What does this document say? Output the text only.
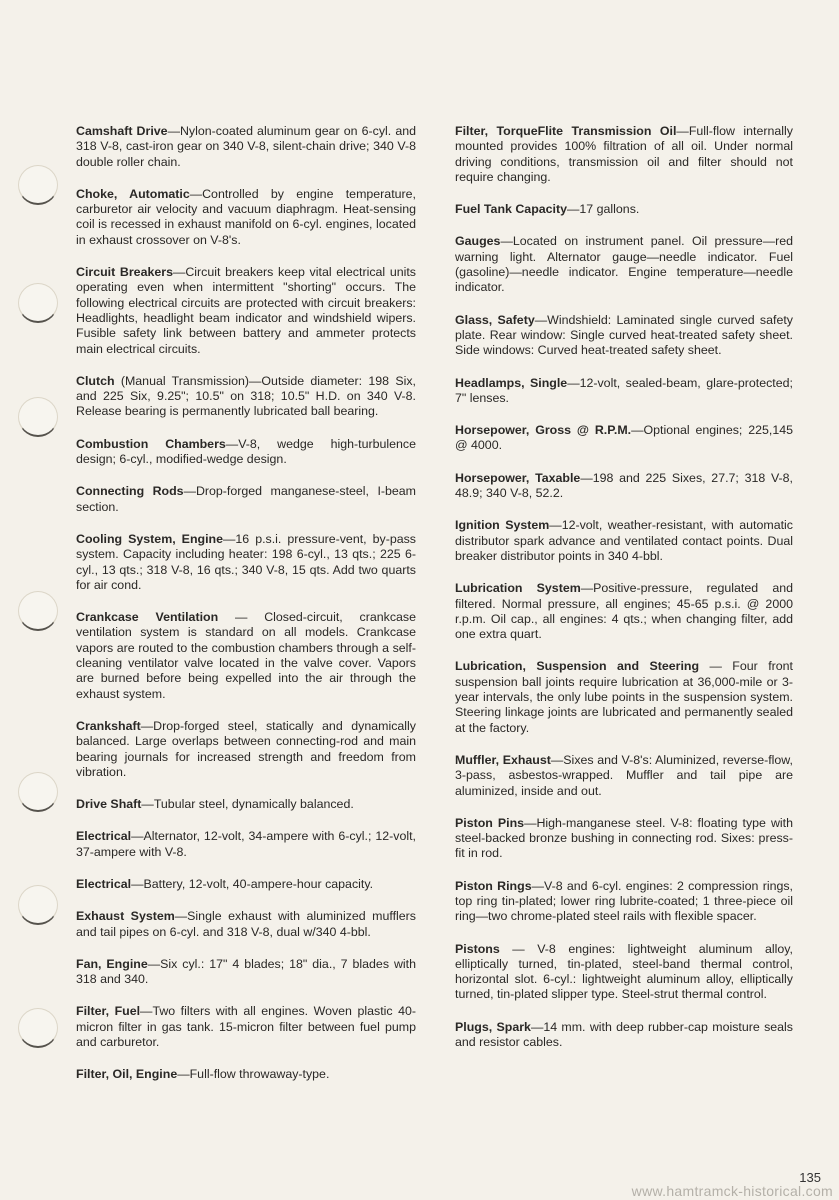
Camshaft Drive—Nylon-coated aluminum gear on 6-cyl. and 318 V-8, cast-iron gear on 340 V-8, silent-chain drive; 340 V-8 double roller chain.

Choke, Automatic—Controlled by engine temperature, carburetor air velocity and vacuum diaphragm. Heat-sensing coil is recessed in exhaust manifold on 6-cyl. engines, located in exhaust crossover on V-8's.

Circuit Breakers—Circuit breakers keep vital electrical units operating even when intermittent "shorting" occurs. The following electrical circuits are protected with circuit breakers: Headlights, headlight beam indicator and windshield wipers. Fusible safety link between battery and ammeter protects main electrical circuits.

Clutch (Manual Transmission)—Outside diameter: 198 Six, and 225 Six, 9.25"; 10.5" on 318; 10.5" H.D. on 340 V-8. Release bearing is permanently lubricated ball bearing.

Combustion Chambers—V-8, wedge high-turbulence design; 6-cyl., modified-wedge design.

Connecting Rods—Drop-forged manganese-steel, I-beam section.

Cooling System, Engine—16 p.s.i. pressure-vent, by-pass system. Capacity including heater: 198 6-cyl., 13 qts.; 225 6-cyl., 13 qts.; 318 V-8, 16 qts.; 340 V-8, 15 qts. Add two quarts for air cond.

Crankcase Ventilation — Closed-circuit, crankcase ventilation system is standard on all models. Crankcase vapors are routed to the combustion chambers through a self-cleaning ventilator valve located in the valve cover. Vapors are burned before being expelled into the air through the exhaust system.

Crankshaft—Drop-forged steel, statically and dynamically balanced. Large overlaps between connecting-rod and main bearing journals for increased strength and freedom from vibration.

Drive Shaft—Tubular steel, dynamically balanced.

Electrical—Alternator, 12-volt, 34-ampere with 6-cyl.; 12-volt, 37-ampere with V-8.

Electrical—Battery, 12-volt, 40-ampere-hour capacity.

Exhaust System—Single exhaust with aluminized mufflers and tail pipes on 6-cyl. and 318 V-8, dual w/340 4-bbl.

Fan, Engine—Six cyl.: 17" 4 blades; 18" dia., 7 blades with 318 and 340.

Filter, Fuel—Two filters with all engines. Woven plastic 40-micron filter in gas tank. 15-micron filter between fuel pump and carburetor.

Filter, Oil, Engine—Full-flow throwaway-type.

Filter, TorqueFlite Transmission Oil—Full-flow internally mounted provides 100% filtration of all oil. Under normal driving conditions, transmission oil and filter should not require changing.

Fuel Tank Capacity—17 gallons.

Gauges—Located on instrument panel. Oil pressure—red warning light. Alternator gauge—needle indicator. Fuel (gasoline)—needle indicator. Engine temperature—needle indicator.

Glass, Safety—Windshield: Laminated single curved safety plate. Rear window: Single curved heat-treated safety sheet. Side windows: Curved heat-treated safety sheet.

Headlamps, Single—12-volt, sealed-beam, glare-protected; 7" lenses.

Horsepower, Gross @ R.P.M.—Optional engines; 225,145 @ 4000.

Horsepower, Taxable—198 and 225 Sixes, 27.7; 318 V-8, 48.9; 340 V-8, 52.2.

Ignition System—12-volt, weather-resistant, with automatic distributor spark advance and ventilated contact points. Dual breaker distributor points in 340 4-bbl.

Lubrication System—Positive-pressure, regulated and filtered. Normal pressure, all engines; 45-65 p.s.i. @ 2000 r.p.m. Oil cap., all engines: 4 qts.; when changing filter, add one extra quart.

Lubrication, Suspension and Steering — Four front suspension ball joints require lubrication at 36,000-mile or 3-year intervals, the only lube points in the suspension system. Steering linkage joints are lubricated and permanently sealed at the factory.

Muffler, Exhaust—Sixes and V-8's: Aluminized, reverse-flow, 3-pass, asbestos-wrapped. Muffler and tail pipe are aluminized, inside and out.

Piston Pins—High-manganese steel. V-8: floating type with steel-backed bronze bushing in connecting rod. Sixes: press-fit in rod.

Piston Rings—V-8 and 6-cyl. engines: 2 compression rings, top ring tin-plated; lower ring lubrite-coated; 1 three-piece oil ring—two chrome-plated steel rails with flexible spacer.

Pistons — V-8 engines: lightweight aluminum alloy, elliptically turned, tin-plated, steel-band thermal control, horizontal slot. 6-cyl.: lightweight aluminum alloy, elliptically turned, tin-plated slipper type. Steel-strut thermal control.

Plugs, Spark—14 mm. with deep rubber-cap moisture seals and resistor cables.

135
www.hamtramck-historical.com
